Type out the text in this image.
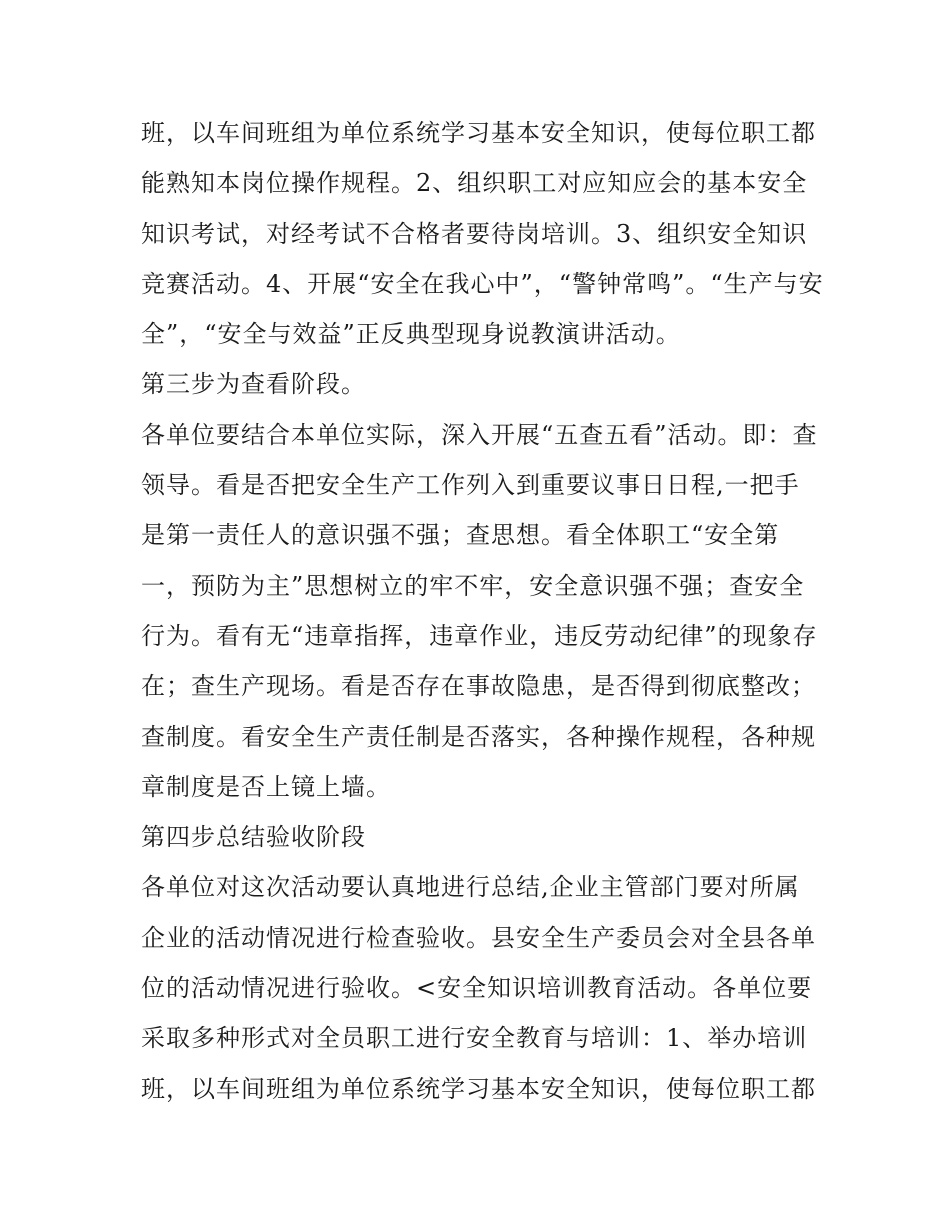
班，以车间班组为单位系统学习基本安全知识，使每位职工都
能熟知本岗位操作规程。2、组织职工对应知应会的基本安全
知识考试，对经考试不合格者要待岗培训。3、组织安全知识
竞赛活动。4、开展“安全在我心中”，“警钟常鸣”。“生产与安
全”，“安全与效益”正反典型现身说教演讲活动。
第三步为查看阶段。
各单位要结合本单位实际，深入开展“五查五看”活动。即：查
领导。看是否把安全生产工作列入到重要议事日日程,一把手
是第一责任人的意识强不强；查思想。看全体职工“安全第
一，预防为主”思想树立的牢不牢，安全意识强不强；查安全
行为。看有无“违章指挥，违章作业，违反劳动纪律”的现象存
在；查生产现场。看是否存在事故隐患，是否得到彻底整改；
查制度。看安全生产责任制是否落实，各种操作规程，各种规
章制度是否上镜上墙。
第四步总结验收阶段
各单位对这次活动要认真地进行总结,企业主管部门要对所属
企业的活动情况进行检查验收。县安全生产委员会对全县各单
位的活动情况进行验收。<安全知识培训教育活动。各单位要
采取多种形式对全员职工进行安全教育与培训：1、举办培训
班，以车间班组为单位系统学习基本安全知识，使每位职工都
